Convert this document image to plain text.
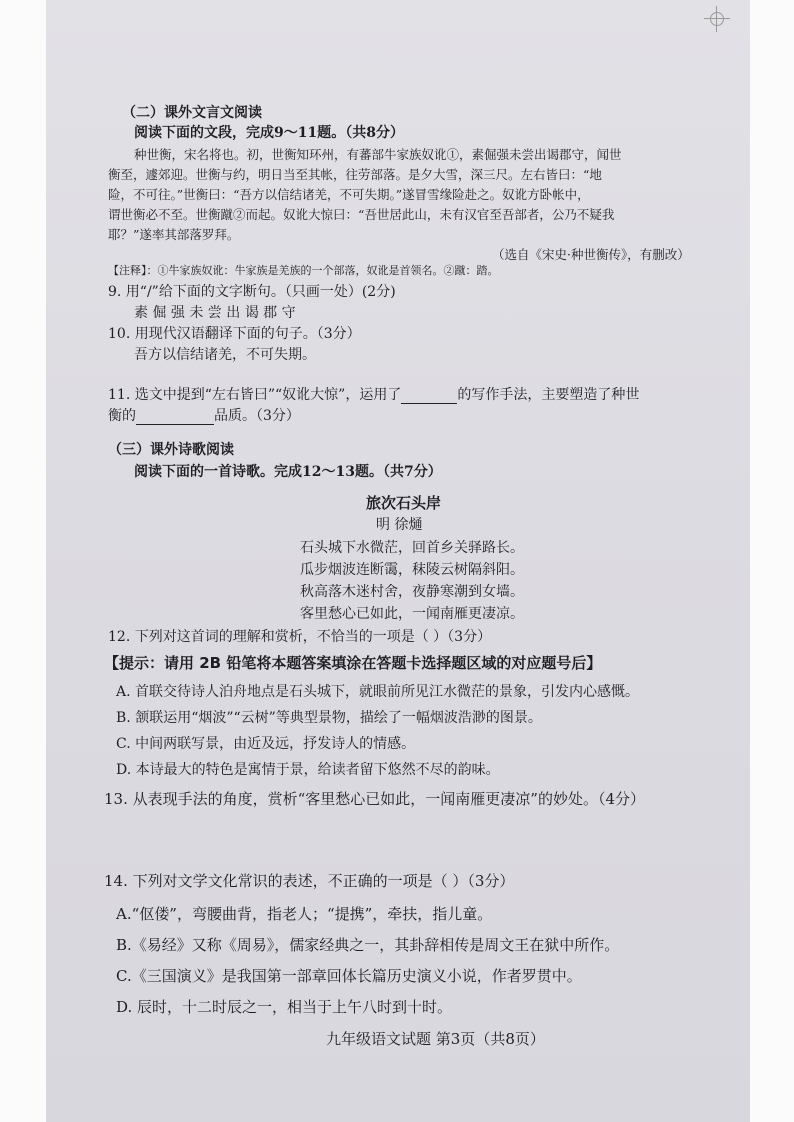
（二）课外文言文阅读
阅读下面的文段，完成9～11题。（共8分）
种世衡，宋名将也。初，世衡知环州，有蕃部牛家族奴讹①，素倔强未尝出谒郡守，闻世
衡至，遽郊迎。世衡与约，明日当至其帐，往劳部落。是夕大雪，深三尺。左右皆曰：“地
险，不可往。”世衡曰：“吾方以信结诸羌，不可失期。”遂冒雪缘险赴之。奴讹方卧帐中，
谓世衡必不至。世衡蹴②而起。奴讹大惊曰：“吾世居此山，未有汉官至吾部者，公乃不疑我
耶？”遂率其部落罗拜。
（选自《宋史·种世衡传》，有删改）
【注释】：①牛家族奴讹：牛家族是羌族的一个部落，奴讹是首领名。②蹴：踏。
9. 用“/”给下面的文字断句。（只画一处）(2分)
素 倔 强 未 尝 出 谒 郡 守
10. 用现代汉语翻译下面的句子。（3分）
吾方以信结诸羌，不可失期。
11. 选文中提到“左右皆曰”“奴讹大惊”，运用了	的写作手法，主要塑造了种世
衡的	品质。（3分）
（三）课外诗歌阅读
阅读下面的一首诗歌。完成12～13题。（共7分）
旅次石头岸
明 徐熥
石头城下水微茫，回首乡关驿路长。
瓜步烟波连断霭，秣陵云树隔斜阳。
秋高落木迷村舍，夜静寒潮到女墙。
客里愁心已如此，一闻南雁更凄凉。
12. 下列对这首词的理解和赏析，不恰当的一项是（ ）（3分）
【提示：请用 2B 铅笔将本题答案填涂在答题卡选择题区域的对应题号后】
A. 首联交待诗人泊舟地点是石头城下，就眼前所见江水微茫的景象，引发内心感慨。
B. 颔联运用“烟波”“云树”等典型景物，描绘了一幅烟波浩渺的图景。
C. 中间两联写景，由近及远，抒发诗人的情感。
D. 本诗最大的特色是寓情于景，给读者留下悠然不尽的韵味。
13. 从表现手法的角度，赏析“客里愁心已如此，一闻南雁更凄凉”的妙处。（4分）
14. 下列对文学文化常识的表述，不正确的一项是（ ）（3分）
A.“伛偻”，弯腰曲背，指老人；“提携”，牵扶，指儿童。
B.《易经》又称《周易》，儒家经典之一，其卦辞相传是周文王在狱中所作。
C.《三国演义》是我国第一部章回体长篇历史演义小说，作者罗贯中。
D. 辰时，十二时辰之一，相当于上午八时到十时。
九年级语文试题 第3页（共8页）
